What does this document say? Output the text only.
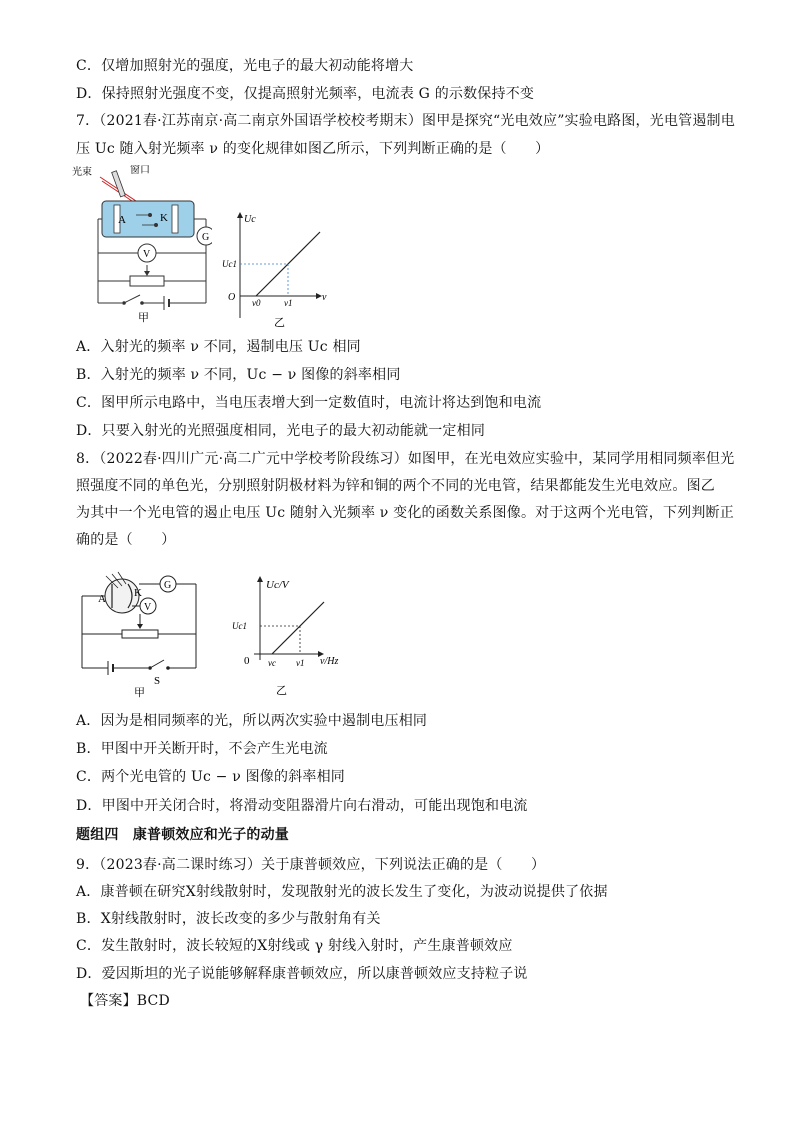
C．仅增加照射光的强度，光电子的最大初动能将增大
D．保持照射光强度不变，仅提高照射光频率，电流表 G 的示数保持不变
7．（2021春·江苏南京·高二南京外国语学校校考期末）图甲是探究“光电效应”实验电路图，光电管遏制电
压 Uc 随入射光频率 ν 的变化规律如图乙所示，下列判断正确的是（　　）
光束	窗口
A	K
G
V
甲
Uc
Uc1
O ν0	ν1	ν
乙
A．入射光的频率 ν 不同，遏制电压 Uc 相同
B．入射光的频率 ν 不同，Uc − ν 图像的斜率相同
C．图甲所示电路中，当电压表增大到一定数值时，电流计将达到饱和电流
D．只要入射光的光照强度相同，光电子的最大初动能就一定相同
8．（2022春·四川广元·高二广元中学校考阶段练习）如图甲，在光电效应实验中，某同学用相同频率但光
照强度不同的单色光，分别照射阴极材料为锌和铜的两个不同的光电管，结果都能发生光电效应。图乙
为其中一个光电管的遏止电压 Uc 随射入光频率 ν 变化的函数关系图像。对于这两个光电管，下列判断正
确的是（　　）
A	K
G
V
S
甲
Uc/V
Uc1
0 νc ν1 ν/Hz
乙
A．因为是相同频率的光，所以两次实验中遏制电压相同
B．甲图中开关断开时，不会产生光电流
C．两个光电管的 Uc − ν 图像的斜率相同
D．甲图中开关闭合时，将滑动变阻器滑片向右滑动，可能出现饱和电流
题组四　康普顿效应和光子的动量
9．（2023春·高二课时练习）关于康普顿效应，下列说法正确的是（　　）
A．康普顿在研究X射线散射时，发现散射光的波长发生了变化，为波动说提供了依据
B．X射线散射时，波长改变的多少与散射角有关
C．发生散射时，波长较短的X射线或 γ 射线入射时，产生康普顿效应
D．爱因斯坦的光子说能够解释康普顿效应，所以康普顿效应支持粒子说
【答案】BCD
